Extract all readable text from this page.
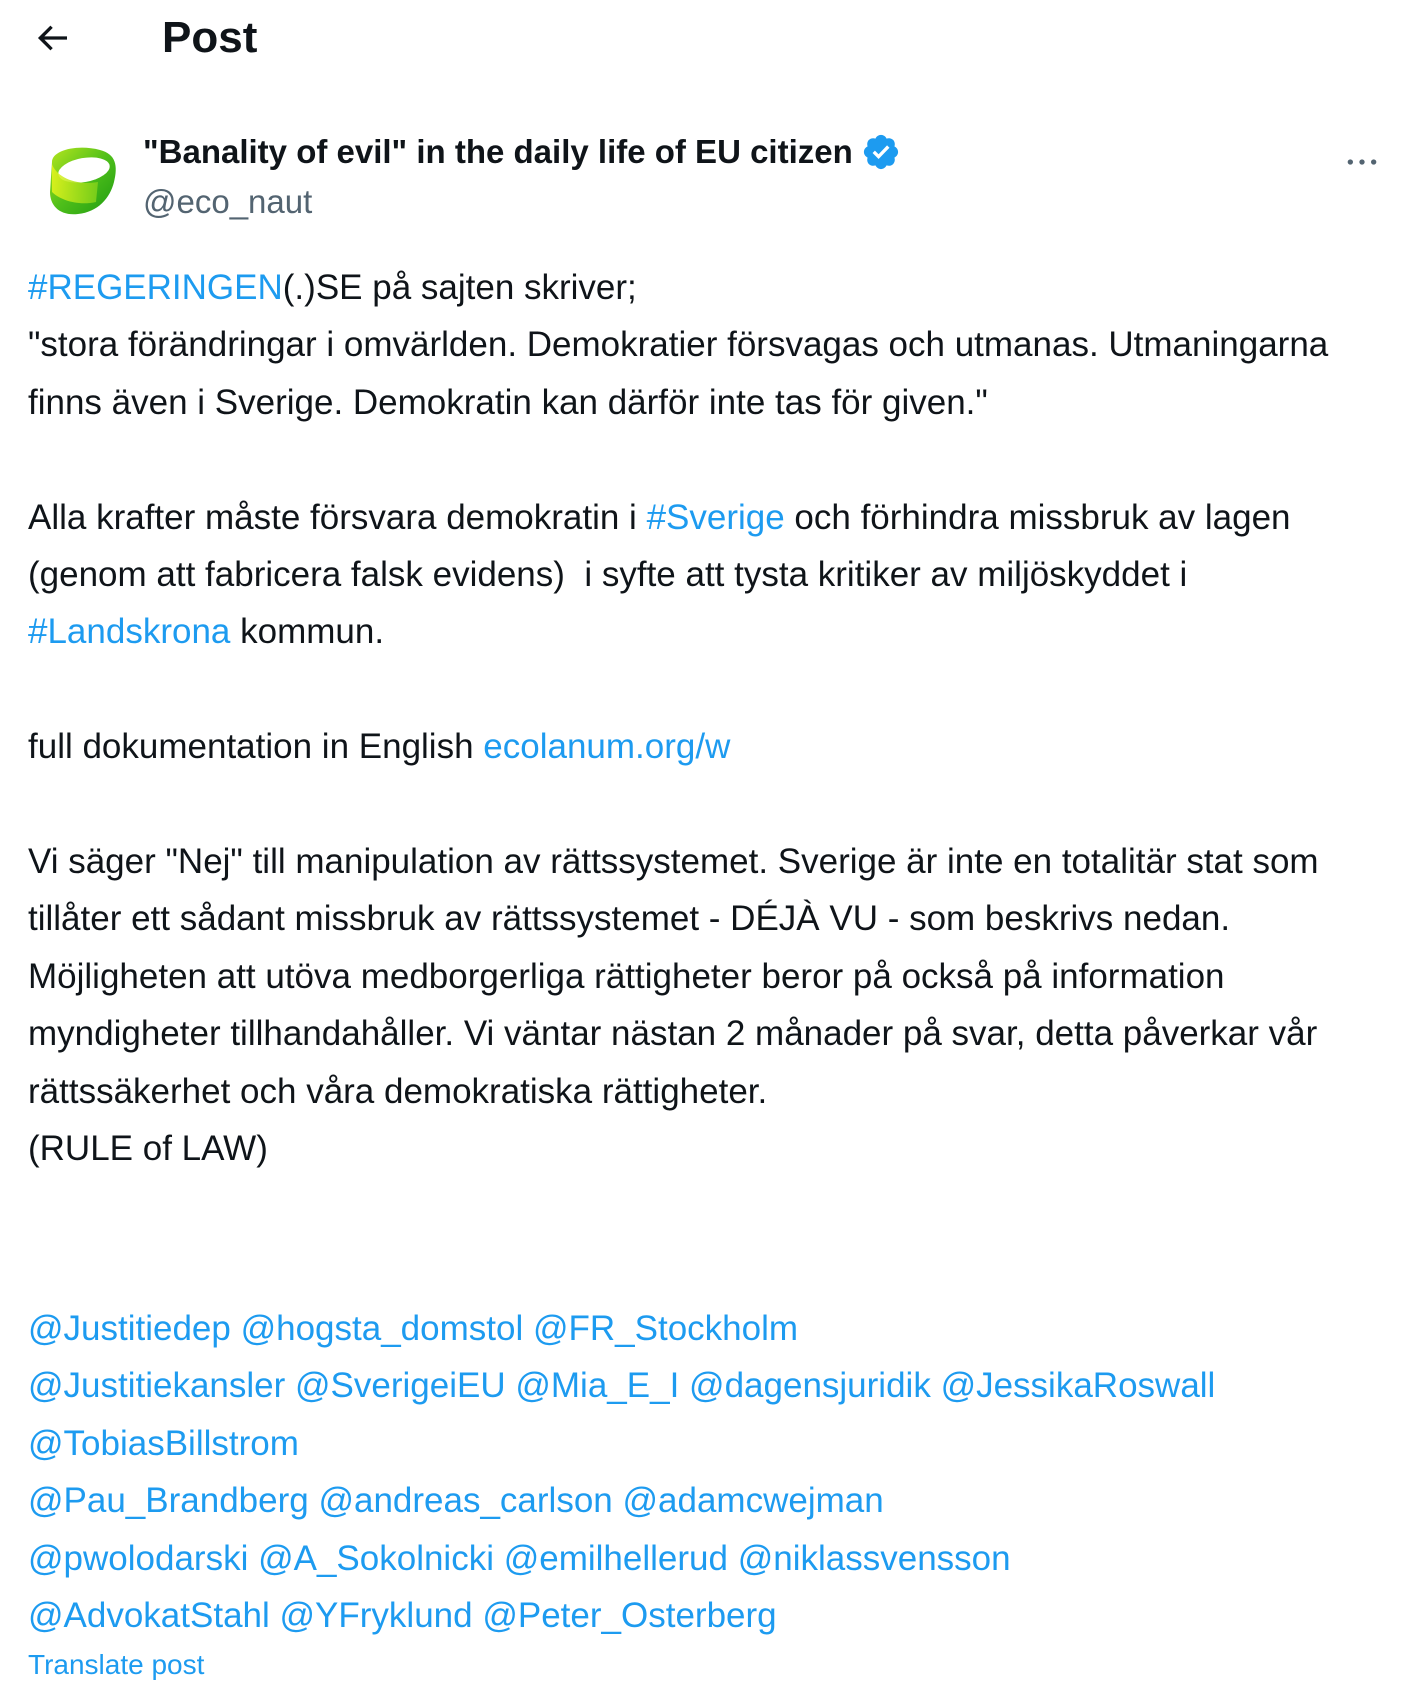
Post
"Banality of evil" in the daily life of EU citizen
@eco_naut
#REGERINGEN(.)SE på sajten skriver;
"stora förändringar i omvärlden. Demokratier försvagas och utmanas. Utmaningarna finns även i Sverige. Demokratin kan därför inte tas för given."

Alla krafter måste försvara demokratin i #Sverige och förhindra missbruk av lagen (genom att fabricera falsk evidens)  i syfte att tysta kritiker av miljöskyddet i #Landskrona kommun.

full dokumentation in English ecolanum.org/w

Vi säger "Nej" till manipulation av rättssystemet. Sverige är inte en totalitär stat som tillåter ett sådant missbruk av rättssystemet - DÉJÀ VU - som beskrivs nedan.
Möjligheten att utöva medborgerliga rättigheter beror på också på information myndigheter tillhandahåller. Vi väntar nästan 2 månader på svar, detta påverkar vår rättssäkerhet och våra demokratiska rättigheter.
(RULE of LAW)
@Justitiedep @hogsta_domstol @FR_Stockholm
@Justitiekansler @SverigeiEU @Mia_E_I @dagensjuridik @JessikaRoswall
@TobiasBillstrom
@Pau_Brandberg @andreas_carlson @adamcwejman
@pwolodarski @A_Sokolnicki @emilhellerud @niklassvensson
@AdvokatStahl @YFryklund @Peter_Osterberg
Translate post
